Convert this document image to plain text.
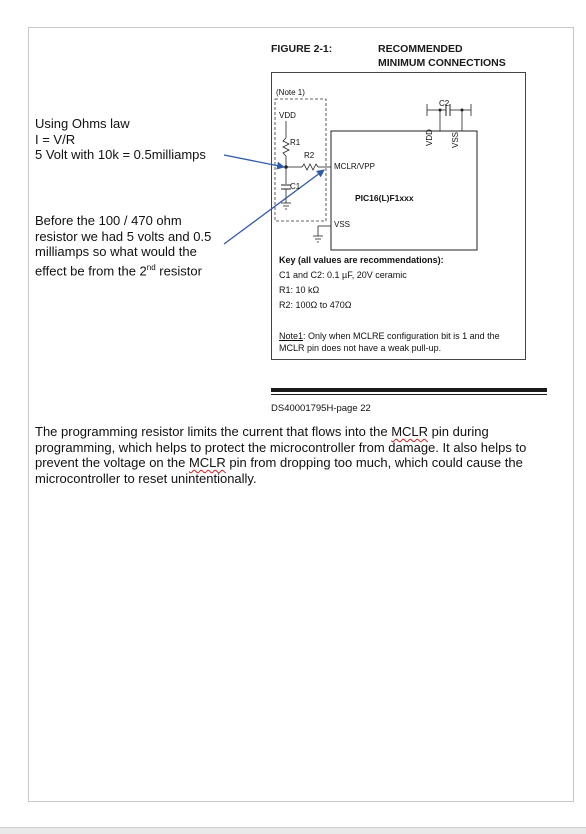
FIGURE 2-1:	RECOMMENDED
MINIMUM CONNECTIONS
(Note 1)
VDD
R1
R2
C1
C2
MCLR/VPP
PIC16(L)F1xxx
VSS
VDD VSS
Key (all values are recommendations):
C1 and C2: 0.1 µF, 20V ceramic
R1: 10 kΩ
R2: 100Ω to 470Ω
Note1: Only when MCLRE configuration bit is 1 and the
MCLR pin does not have a weak pull-up.
Using Ohms law
I = V/R
5 Volt with 10k = 0.5milliamps
Before the 100 / 470 ohm
resistor we had 5 volts and 0.5
milliamps so what would the
effect be from the 2nd resistor
DS40001795H-page 22
The programming resistor limits the current that flows into the MCLR pin during programming, which helps to protect the microcontroller from damage. It also helps to prevent the voltage on the MCLR pin from dropping too much, which could cause the microcontroller to reset unintentionally.
